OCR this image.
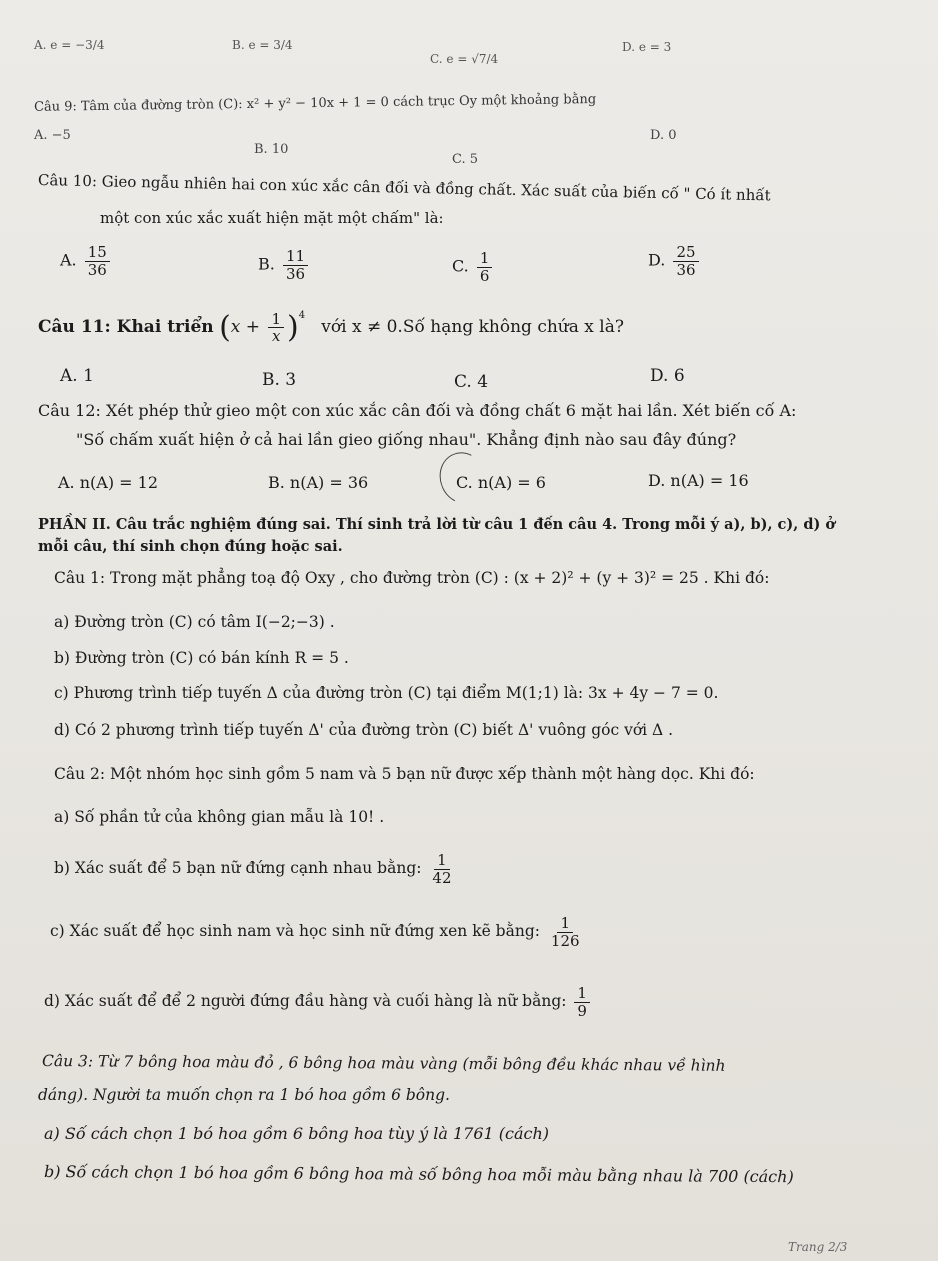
A. e = −3/4	B. e = 3/4
C. e = √7/4
D. e = 3
Câu 9: Tâm của đường tròn (C): x² + y² − 10x + 1 = 0 cách trục Oy một khoảng bằng
A. −5
B. 10
C. 5
D. 0
Câu 10: Gieo ngẫu nhiên hai con xúc xắc cân đối và đồng chất. Xác suất của biến cố " Có ít nhất
một con xúc xắc xuất hiện mặt một chấm" là:
A. $\frac{15}{36}$	B. $\frac{11}{36}$	C. $\frac{1}{6}$	D. $\frac{25}{36}$
Câu 11: Khai triển $(x + \frac{1}{x} )^4$   với x ≠ 0.Số hạng không chứa x là?
A. 1	B. 3	C. 4	D. 6
Câu 12: Xét phép thử gieo một con xúc xắc cân đối và đồng chất 6 mặt hai lần. Xét biến cố A:
"Số chấm xuất hiện ở cả hai lần gieo giống nhau". Khẳng định nào sau đây đúng?
A. n(A) = 12	B. n(A) = 36	C. n(A) = 6	D. n(A) = 16
PHẦN II. Câu trắc nghiệm đúng sai. Thí sinh trả lời từ câu 1 đến câu 4. Trong mỗi ý a), b), c), d) ở
mỗi câu, thí sinh chọn đúng hoặc sai.
Câu 1: Trong mặt phẳng toạ độ Oxy , cho đường tròn (C) : (x + 2)² + (y + 3)² = 25 . Khi đó:
a) Đường tròn (C) có tâm I(−2;−3) .
b) Đường tròn (C) có bán kính R = 5 .
c) Phương trình tiếp tuyến Δ của đường tròn (C) tại điểm M(1;1) là: 3x + 4y − 7 = 0.
d) Có 2 phương trình tiếp tuyến Δ' của đường tròn (C) biết Δ' vuông góc với Δ .
Câu 2: Một nhóm học sinh gồm 5 nam và 5 bạn nữ được xếp thành một hàng dọc. Khi đó:
a) Số phần tử của không gian mẫu là 10! .
b) Xác suất để 5 bạn nữ đứng cạnh nhau bằng: $\frac{1}{42}$
c) Xác suất để học sinh nam và học sinh nữ đứng xen kẽ bằng: $\frac{1}{126}$
d) Xác suất để để 2 người đứng đầu hàng và cuối hàng là nữ bằng: $\frac{1}{9}$
Câu 3: Từ 7 bông hoa màu đỏ , 6 bông hoa màu vàng (mỗi bông đều khác nhau về hình
dáng). Người ta muốn chọn ra 1 bó hoa gồm 6 bông.
a) Số cách chọn 1 bó hoa gồm 6 bông hoa tùy ý là 1761 (cách)
b) Số cách chọn 1 bó hoa gồm 6 bông hoa mà số bông hoa mỗi màu bằng nhau là 700 (cách)
Trang 2/3
